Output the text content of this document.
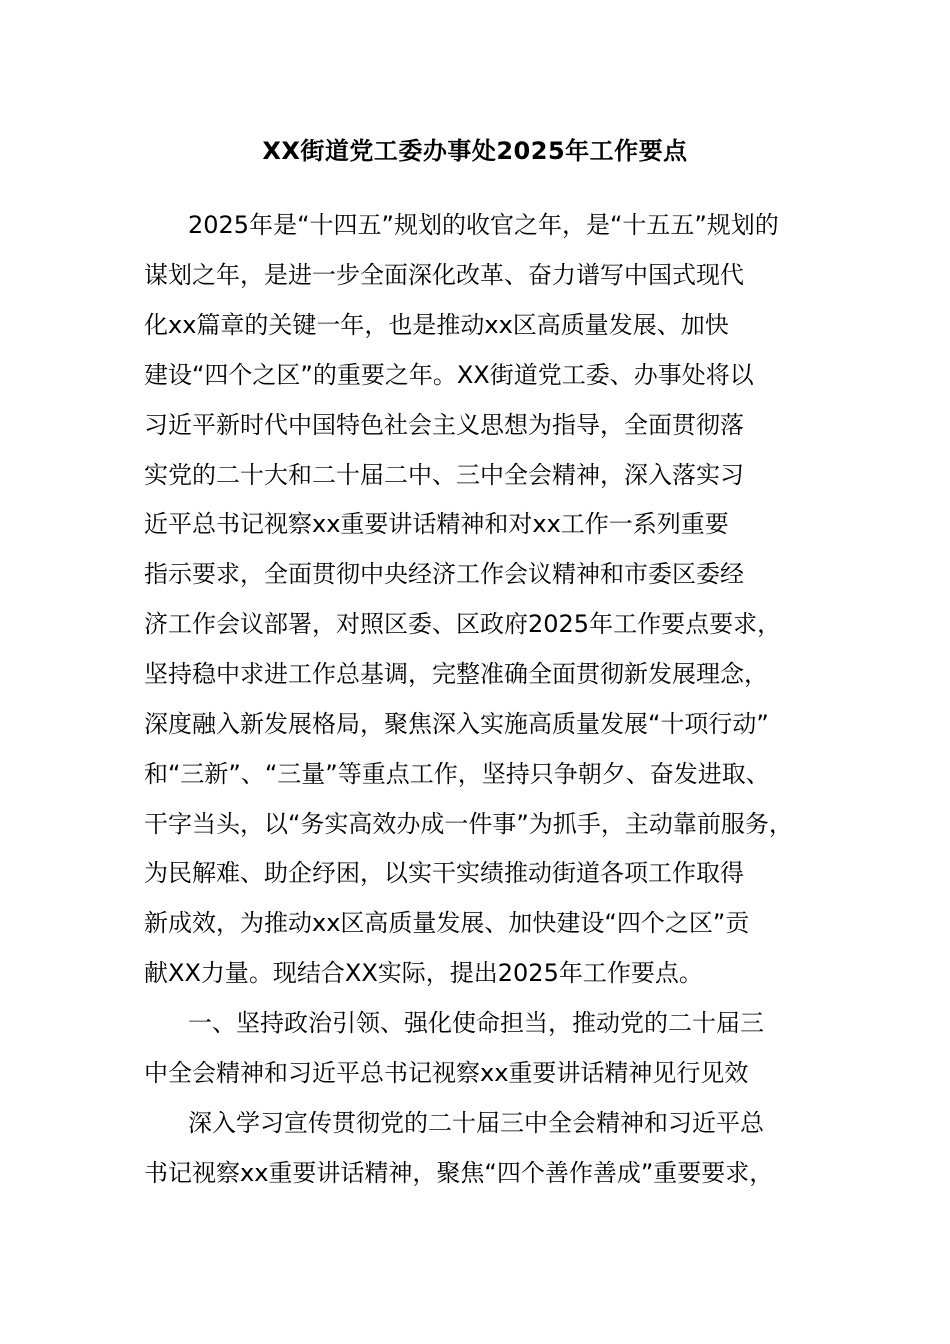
XX街道党工委办事处2025年工作要点
2025年是“十四五”规划的收官之年，是“十五五”规划的
谋划之年，是进一步全面深化改革、奋力谱写中国式现代
化xx篇章的关键一年，也是推动xx区高质量发展、加快
建设“四个之区”的重要之年。XX街道党工委、办事处将以
习近平新时代中国特色社会主义思想为指导，全面贯彻落
实党的二十大和二十届二中、三中全会精神，深入落实习
近平总书记视察xx重要讲话精神和对xx工作一系列重要
指示要求，全面贯彻中央经济工作会议精神和市委区委经
济工作会议部署，对照区委、区政府2025年工作要点要求，
坚持稳中求进工作总基调，完整准确全面贯彻新发展理念，
深度融入新发展格局，聚焦深入实施高质量发展“十项行动”
和“三新”、“三量”等重点工作，坚持只争朝夕、奋发进取、
干字当头，以“务实高效办成一件事”为抓手，主动靠前服务，
为民解难、助企纾困，以实干实绩推动街道各项工作取得
新成效，为推动xx区高质量发展、加快建设“四个之区”贡
献XX力量。现结合XX实际，提出2025年工作要点。
一、坚持政治引领、强化使命担当，推动党的二十届三
中全会精神和习近平总书记视察xx重要讲话精神见行见效
深入学习宣传贯彻党的二十届三中全会精神和习近平总
书记视察xx重要讲话精神，聚焦“四个善作善成”重要要求，
